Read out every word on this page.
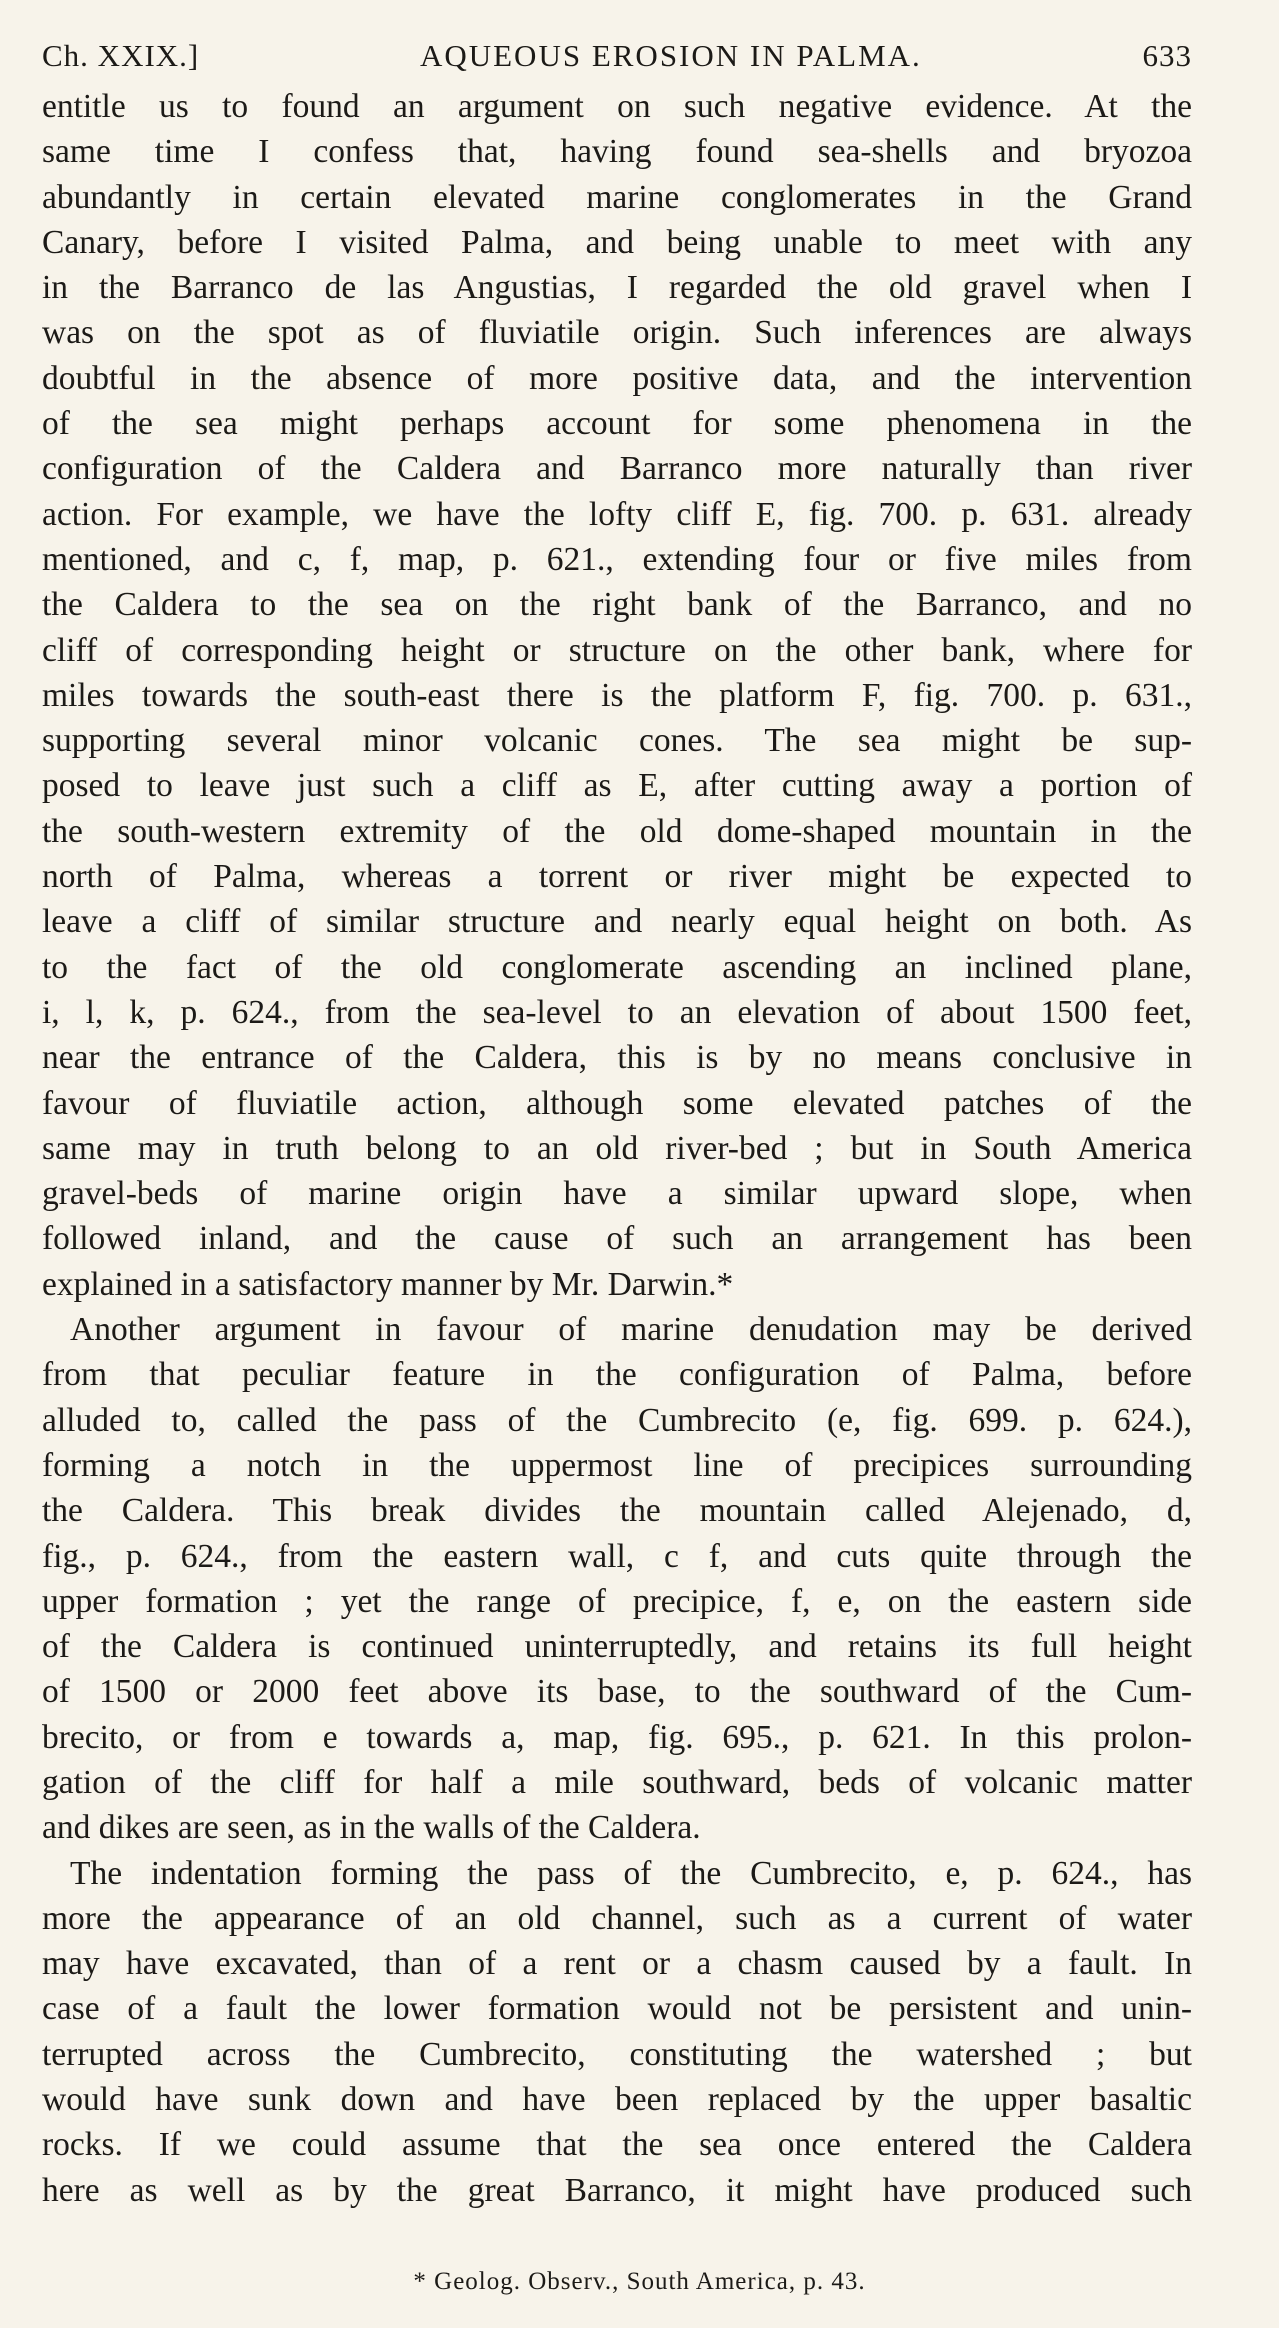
Ch. XXIX.]	AQUEOUS EROSION IN PALMA.	633
entitle us to found an argument on such negative evidence. At the
same time I confess that, having found sea-shells and bryozoa
abundantly in certain elevated marine conglomerates in the Grand
Canary, before I visited Palma, and being unable to meet with any
in the Barranco de las Angustias, I regarded the old gravel when I
was on the spot as of fluviatile origin. Such inferences are always
doubtful in the absence of more positive data, and the intervention
of the sea might perhaps account for some phenomena in the
configuration of the Caldera and Barranco more naturally than river
action. For example, we have the lofty cliff E, fig. 700. p. 631. already
mentioned, and c, f, map, p. 621., extending four or five miles from
the Caldera to the sea on the right bank of the Barranco, and no
cliff of corresponding height or structure on the other bank, where for
miles towards the south-east there is the platform F, fig. 700. p. 631.,
supporting several minor volcanic cones. The sea might be sup-
posed to leave just such a cliff as E, after cutting away a portion of
the south-western extremity of the old dome-shaped mountain in the
north of Palma, whereas a torrent or river might be expected to
leave a cliff of similar structure and nearly equal height on both. As
to the fact of the old conglomerate ascending an inclined plane,
i, l, k, p. 624., from the sea-level to an elevation of about 1500 feet,
near the entrance of the Caldera, this is by no means conclusive in
favour of fluviatile action, although some elevated patches of the
same may in truth belong to an old river-bed ; but in South America
gravel-beds of marine origin have a similar upward slope, when
followed inland, and the cause of such an arrangement has been
explained in a satisfactory manner by Mr. Darwin.*
Another argument in favour of marine denudation may be derived
from that peculiar feature in the configuration of Palma, before
alluded to, called the pass of the Cumbrecito (e, fig. 699. p. 624.),
forming a notch in the uppermost line of precipices surrounding
the Caldera. This break divides the mountain called Alejenado, d,
fig., p. 624., from the eastern wall, c f, and cuts quite through the
upper formation ; yet the range of precipice, f, e, on the eastern side
of the Caldera is continued uninterruptedly, and retains its full height
of 1500 or 2000 feet above its base, to the southward of the Cum-
brecito, or from e towards a, map, fig. 695., p. 621. In this prolon-
gation of the cliff for half a mile southward, beds of volcanic matter
and dikes are seen, as in the walls of the Caldera.
The indentation forming the pass of the Cumbrecito, e, p. 624., has
more the appearance of an old channel, such as a current of water
may have excavated, than of a rent or a chasm caused by a fault. In
case of a fault the lower formation would not be persistent and unin-
terrupted across the Cumbrecito, constituting the watershed ; but
would have sunk down and have been replaced by the upper basaltic
rocks. If we could assume that the sea once entered the Caldera
here as well as by the great Barranco, it might have produced such
* Geolog. Observ., South America, p. 43.
